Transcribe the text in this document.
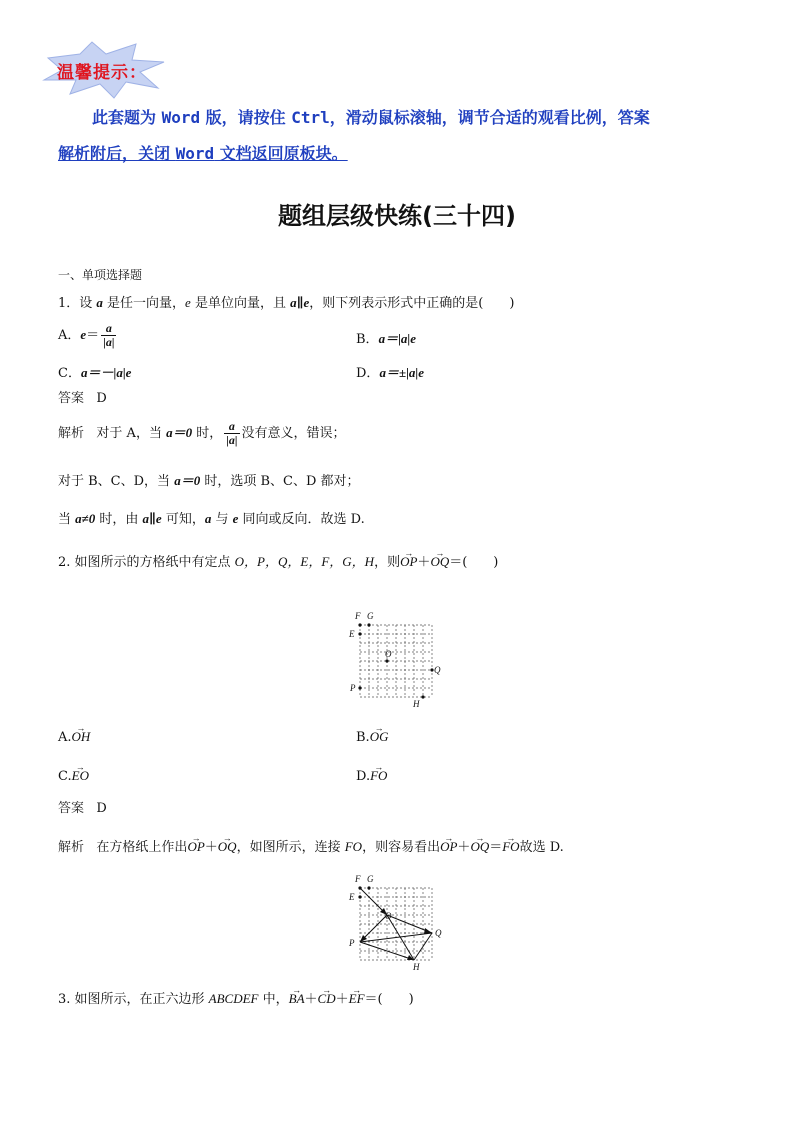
温馨提示：
此套题为 Word 版，请按住 Ctrl，滑动鼠标滚轴，调节合适的观看比例，答案
解析附后，关闭 Word 文档返回原板块。
题组层级快练(三十四)
一、单项选择题
1．设 a 是任一向量，e 是单位向量，且 a∥e，则下列表示形式中正确的是(　　)
A．$e= \frac{a}{|a|}$	B．a＝|a|e
C．a＝－|a|e	D．a＝±|a|e
答案 D
解析 对于 A，当 a＝0 时， $\frac{a}{|a|}$ 没有意义，错误；
对于 B、C、D，当 a＝0 时，选项 B、C、D 都对；
当 a≠0 时，由 a∥e 可知，a 与 e 同向或反向．故选 D.
2. 如图所示的方格纸中有定点 O，P，Q，E，F，G，H，则→ OP＋→ OQ＝(　　)
F G
E
O
Q
P
H
A.→ OH	B.→ OG
C.→ EO	D.→ FO
答案 D
解析 在方格纸上作出→ OP＋→ OQ，如图所示，连接 FO，则容易看出→ OP＋→ OQ＝→ FO故选 D.
F G
E
O
Q
P
H
3. 如图所示，在正六边形 ABCDEF 中，→ BA＋→ CD＋→ EF＝(　　)
